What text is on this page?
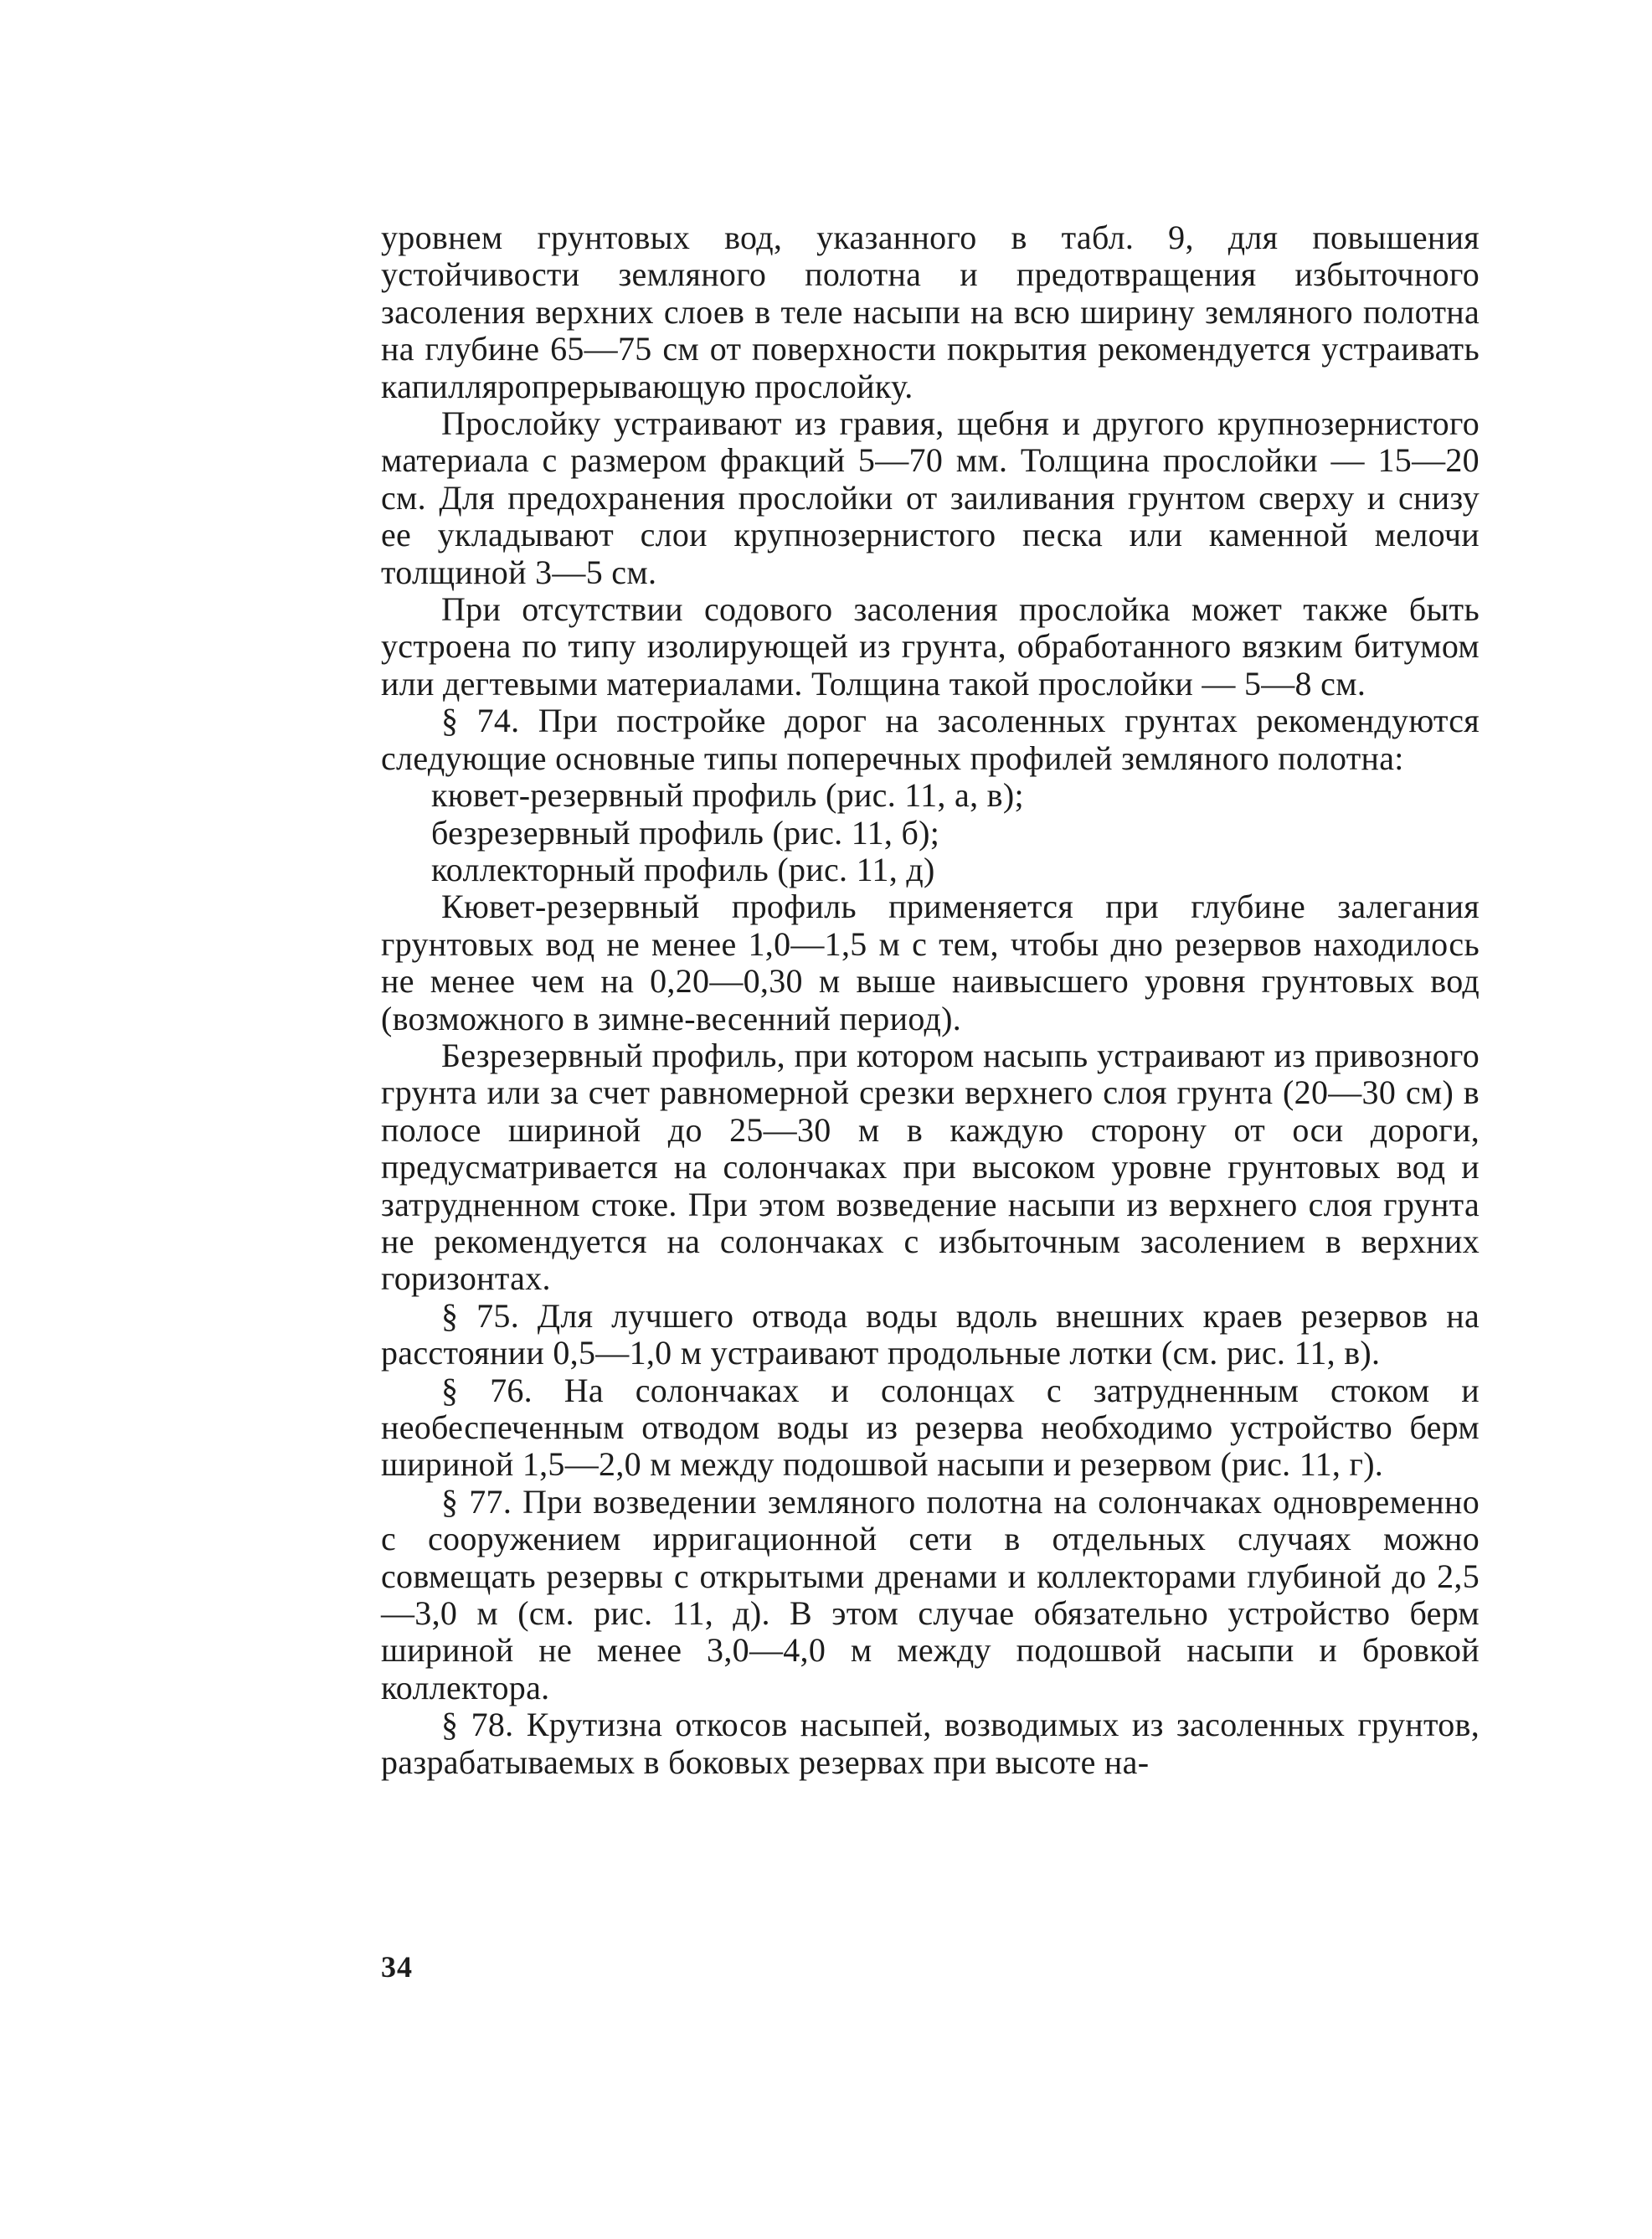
уровнем грунтовых вод, указанного в табл. 9, для повышения устойчивости земляного полотна и предотвращения избыточного засоления верхних слоев в теле насыпи на всю ширину земляного полотна на глубине 65—75 см от поверхности покрытия рекомендуется устраивать капилляропрерывающую прослойку.

Прослойку устраивают из гравия, щебня и другого крупнозернистого материала с размером фракций 5—70 мм. Толщина прослойки — 15—20 см. Для предохранения прослойки от заиливания грунтом сверху и снизу ее укладывают слои крупнозернистого песка или каменной мелочи толщиной 3—5 см.

При отсутствии содового засоления прослойка может также быть устроена по типу изолирующей из грунта, обработанного вязким битумом или дегтевыми материалами. Толщина такой прослойки — 5—8 см.

§ 74. При постройке дорог на засоленных грунтах рекомендуются следующие основные типы поперечных профилей земляного полотна:

кювет-резервный профиль (рис. 11, а, в);

безрезервный профиль (рис. 11, б);

коллекторный профиль (рис. 11, д)

Кювет-резервный профиль применяется при глубине залегания грунтовых вод не менее 1,0—1,5 м с тем, чтобы дно резервов находилось не менее чем на 0,20—0,30 м выше наивысшего уровня грунтовых вод (возможного в зимне-весенний период).

Безрезервный профиль, при котором насыпь устраивают из привозного грунта или за счет равномерной срезки верхнего слоя грунта (20—30 см) в полосе шириной до 25—30 м в каждую сторону от оси дороги, предусматривается на солончаках при высоком уровне грунтовых вод и затрудненном стоке. При этом возведение насыпи из верхнего слоя грунта не рекомендуется на солончаках с избыточным засолением в верхних горизонтах.

§ 75. Для лучшего отвода воды вдоль внешних краев резервов на расстоянии 0,5—1,0 м устраивают продольные лотки (см. рис. 11, в).

§ 76. На солончаках и солонцах с затрудненным стоком и необеспеченным отводом воды из резерва необходимо устройство берм шириной 1,5—2,0 м между подошвой насыпи и резервом (рис. 11, г).

§ 77. При возведении земляного полотна на солончаках одновременно с сооружением ирригационной сети в отдельных случаях можно совмещать резервы с открытыми дренами и коллекторами глубиной до 2,5—3,0 м (см. рис. 11, д). В этом случае обязательно устройство берм шириной не менее 3,0—4,0 м между подошвой насыпи и бровкой коллектора.

§ 78. Крутизна откосов насыпей, возводимых из засоленных грунтов, разрабатываемых в боковых резервах при высоте на-

34
